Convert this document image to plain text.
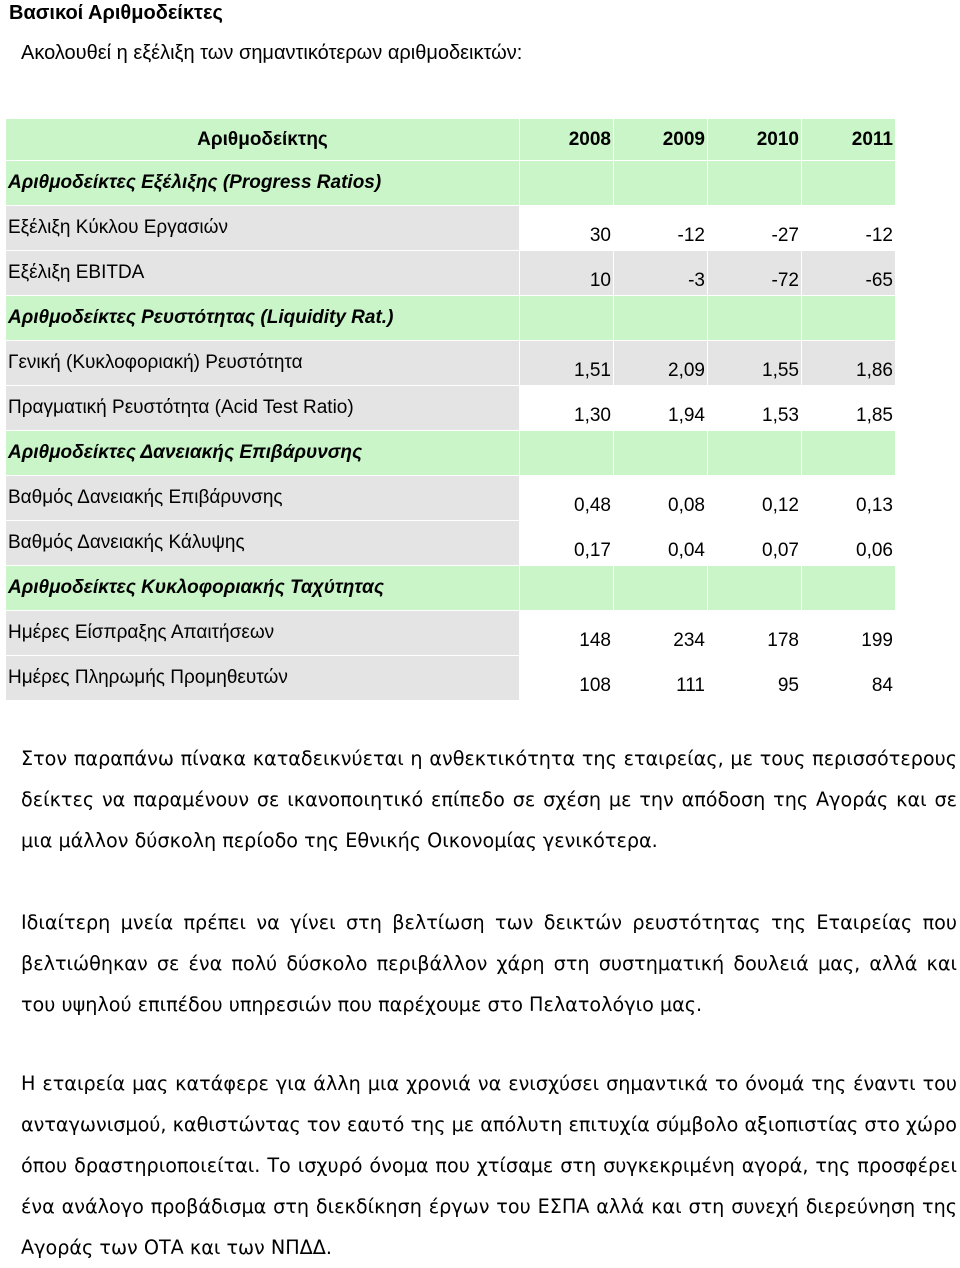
Βασικοί Αριθμοδείκτες
Ακολουθεί η εξέλιξη των σημαντικότερων αριθμοδεικτών:
Αριθμοδείκτης	2008	2009	2010	2011
Αριθμοδείκτες Εξέλιξης (Progress Ratios)				
Εξέλιξη Κύκλου Εργασιών	30	-12	-27	-12
Εξέλιξη EBITDA	10	-3	-72	-65
Αριθμοδείκτες Ρευστότητας (Liquidity Rat.)				
Γενική (Κυκλοφοριακή) Ρευστότητα	1,51	2,09	1,55	1,86
Πραγματική Ρευστότητα (Acid Test Ratio)	1,30	1,94	1,53	1,85
Αριθμοδείκτες Δανειακής Επιβάρυνσης				
Βαθμός Δανειακής Επιβάρυνσης	0,48	0,08	0,12	0,13
Βαθμός Δανειακής Κάλυψης	0,17	0,04	0,07	0,06
Αριθμοδείκτες Κυκλοφοριακής Ταχύτητας				
Ημέρες Είσπραξης Απαιτήσεων	148	234	178	199
Ημέρες Πληρωμής Προμηθευτών	108	111	95	84

Στον παραπάνω πίνακα καταδεικνύεται η ανθεκτικότητα της εταιρείας, με τους περισσότερους δείκτες να παραμένουν σε ικανοποιητικό επίπεδο σε σχέση με την απόδοση της Αγοράς και σε μια μάλλον δύσκολη περίοδο της Εθνικής Οικονομίας γενικότερα.

Ιδιαίτερη μνεία πρέπει να γίνει στη βελτίωση των δεικτών ρευστότητας της Εταιρείας που βελτιώθηκαν σε ένα πολύ δύσκολο περιβάλλον χάρη στη συστηματική δουλειά μας, αλλά και του υψηλού επιπέδου υπηρεσιών που παρέχουμε στο Πελατολόγιο μας.

Η εταιρεία μας κατάφερε για άλλη μια χρονιά να ενισχύσει σημαντικά το όνομά της έναντι του ανταγωνισμού, καθιστώντας τον εαυτό της με απόλυτη επιτυχία σύμβολο αξιοπιστίας στο χώρο όπου δραστηριοποιείται. Το ισχυρό όνομα που χτίσαμε στη συγκεκριμένη αγορά, της προσφέρει ένα ανάλογο προβάδισμα στη διεκδίκηση έργων του ΕΣΠΑ αλλά και στη συνεχή διερεύνηση της Αγοράς των ΟΤΑ και των ΝΠΔΔ.
